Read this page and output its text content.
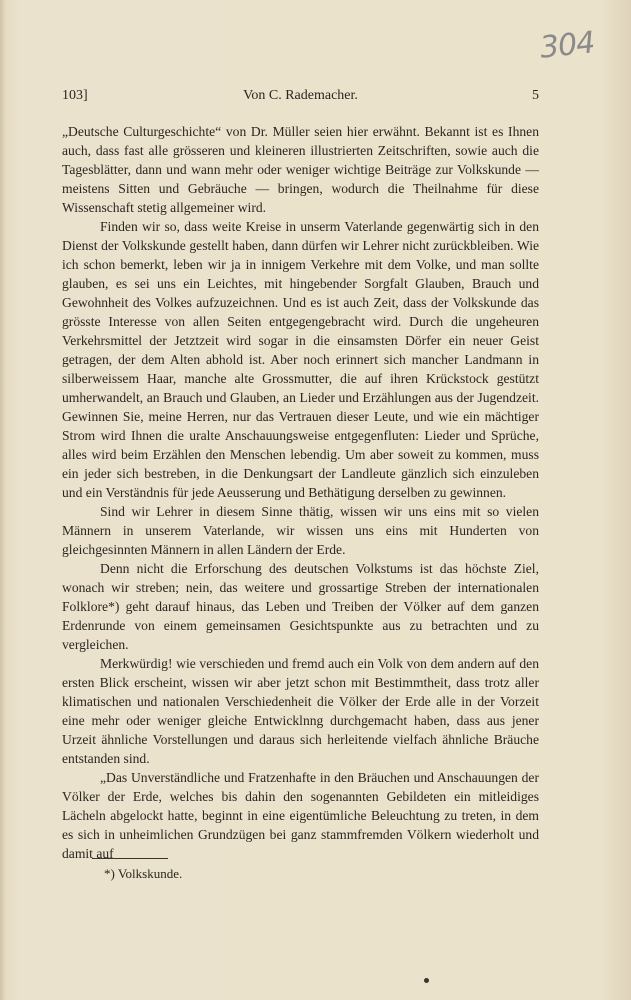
304
103]	Von C. Rademacher.	5

„Deutsche Culturgeschichte“ von Dr. Müller seien hier erwähnt. Bekannt ist es Ihnen auch, dass fast alle grösseren und kleineren illustrierten Zeitschriften, sowie auch die Tagesblätter, dann und wann mehr oder weniger wichtige Beiträge zur Volkskunde — meistens Sitten und Gebräuche — bringen, wodurch die Theilnahme für diese Wissenschaft stetig allgemeiner wird.

Finden wir so, dass weite Kreise in unserm Vaterlande gegenwärtig sich in den Dienst der Volkskunde gestellt haben, dann dürfen wir Lehrer nicht zurückbleiben. Wie ich schon bemerkt, leben wir ja in innigem Verkehre mit dem Volke, und man sollte glauben, es sei uns ein Leichtes, mit hingebender Sorgfalt Glauben, Brauch und Gewohnheit des Volkes aufzuzeichnen. Und es ist auch Zeit, dass der Volkskunde das grösste Interesse von allen Seiten entgegengebracht wird. Durch die ungeheuren Verkehrsmittel der Jetztzeit wird sogar in die einsamsten Dörfer ein neuer Geist getragen, der dem Alten abhold ist. Aber noch erinnert sich mancher Landmann in silberweissem Haar, manche alte Grossmutter, die auf ihren Krückstock gestützt umherwandelt, an Brauch und Glauben, an Lieder und Erzählungen aus der Jugendzeit. Gewinnen Sie, meine Herren, nur das Vertrauen dieser Leute, und wie ein mächtiger Strom wird Ihnen die uralte Anschauungsweise entgegenfluten: Lieder und Sprüche, alles wird beim Erzählen den Menschen lebendig. Um aber soweit zu kommen, muss ein jeder sich bestreben, in die Denkungsart der Landleute gänzlich sich einzuleben und ein Verständnis für jede Aeusserung und Bethätigung derselben zu gewinnen.

Sind wir Lehrer in diesem Sinne thätig, wissen wir uns eins mit so vielen Männern in unserem Vaterlande, wir wissen uns eins mit Hunderten von gleichgesinnten Männern in allen Ländern der Erde.

Denn nicht die Erforschung des deutschen Volkstums ist das höchste Ziel, wonach wir streben; nein, das weitere und grossartige Streben der internationalen Folklore*) geht darauf hinaus, das Leben und Treiben der Völker auf dem ganzen Erdenrunde von einem gemeinsamen Gesichtspunkte aus zu betrachten und zu vergleichen.

Merkwürdig! wie verschieden und fremd auch ein Volk von dem andern auf den ersten Blick erscheint, wissen wir aber jetzt schon mit Bestimmtheit, dass trotz aller klimatischen und nationalen Verschiedenheit die Völker der Erde alle in der Vorzeit eine mehr oder weniger gleiche Entwicklnng durchgemacht haben, dass aus jener Urzeit ähnliche Vorstellungen und daraus sich herleitende vielfach ähnliche Bräuche entstanden sind.

„Das Unverständliche und Fratzenhafte in den Bräuchen und Anschauungen der Völker der Erde, welches bis dahin den sogenannten Gebildeten ein mitleidiges Lächeln abgelockt hatte, beginnt in eine eigentümliche Beleuchtung zu treten, in dem es sich in unheimlichen Grundzügen bei ganz stammfremden Völkern wiederholt und damit auf

*) Volkskunde.
